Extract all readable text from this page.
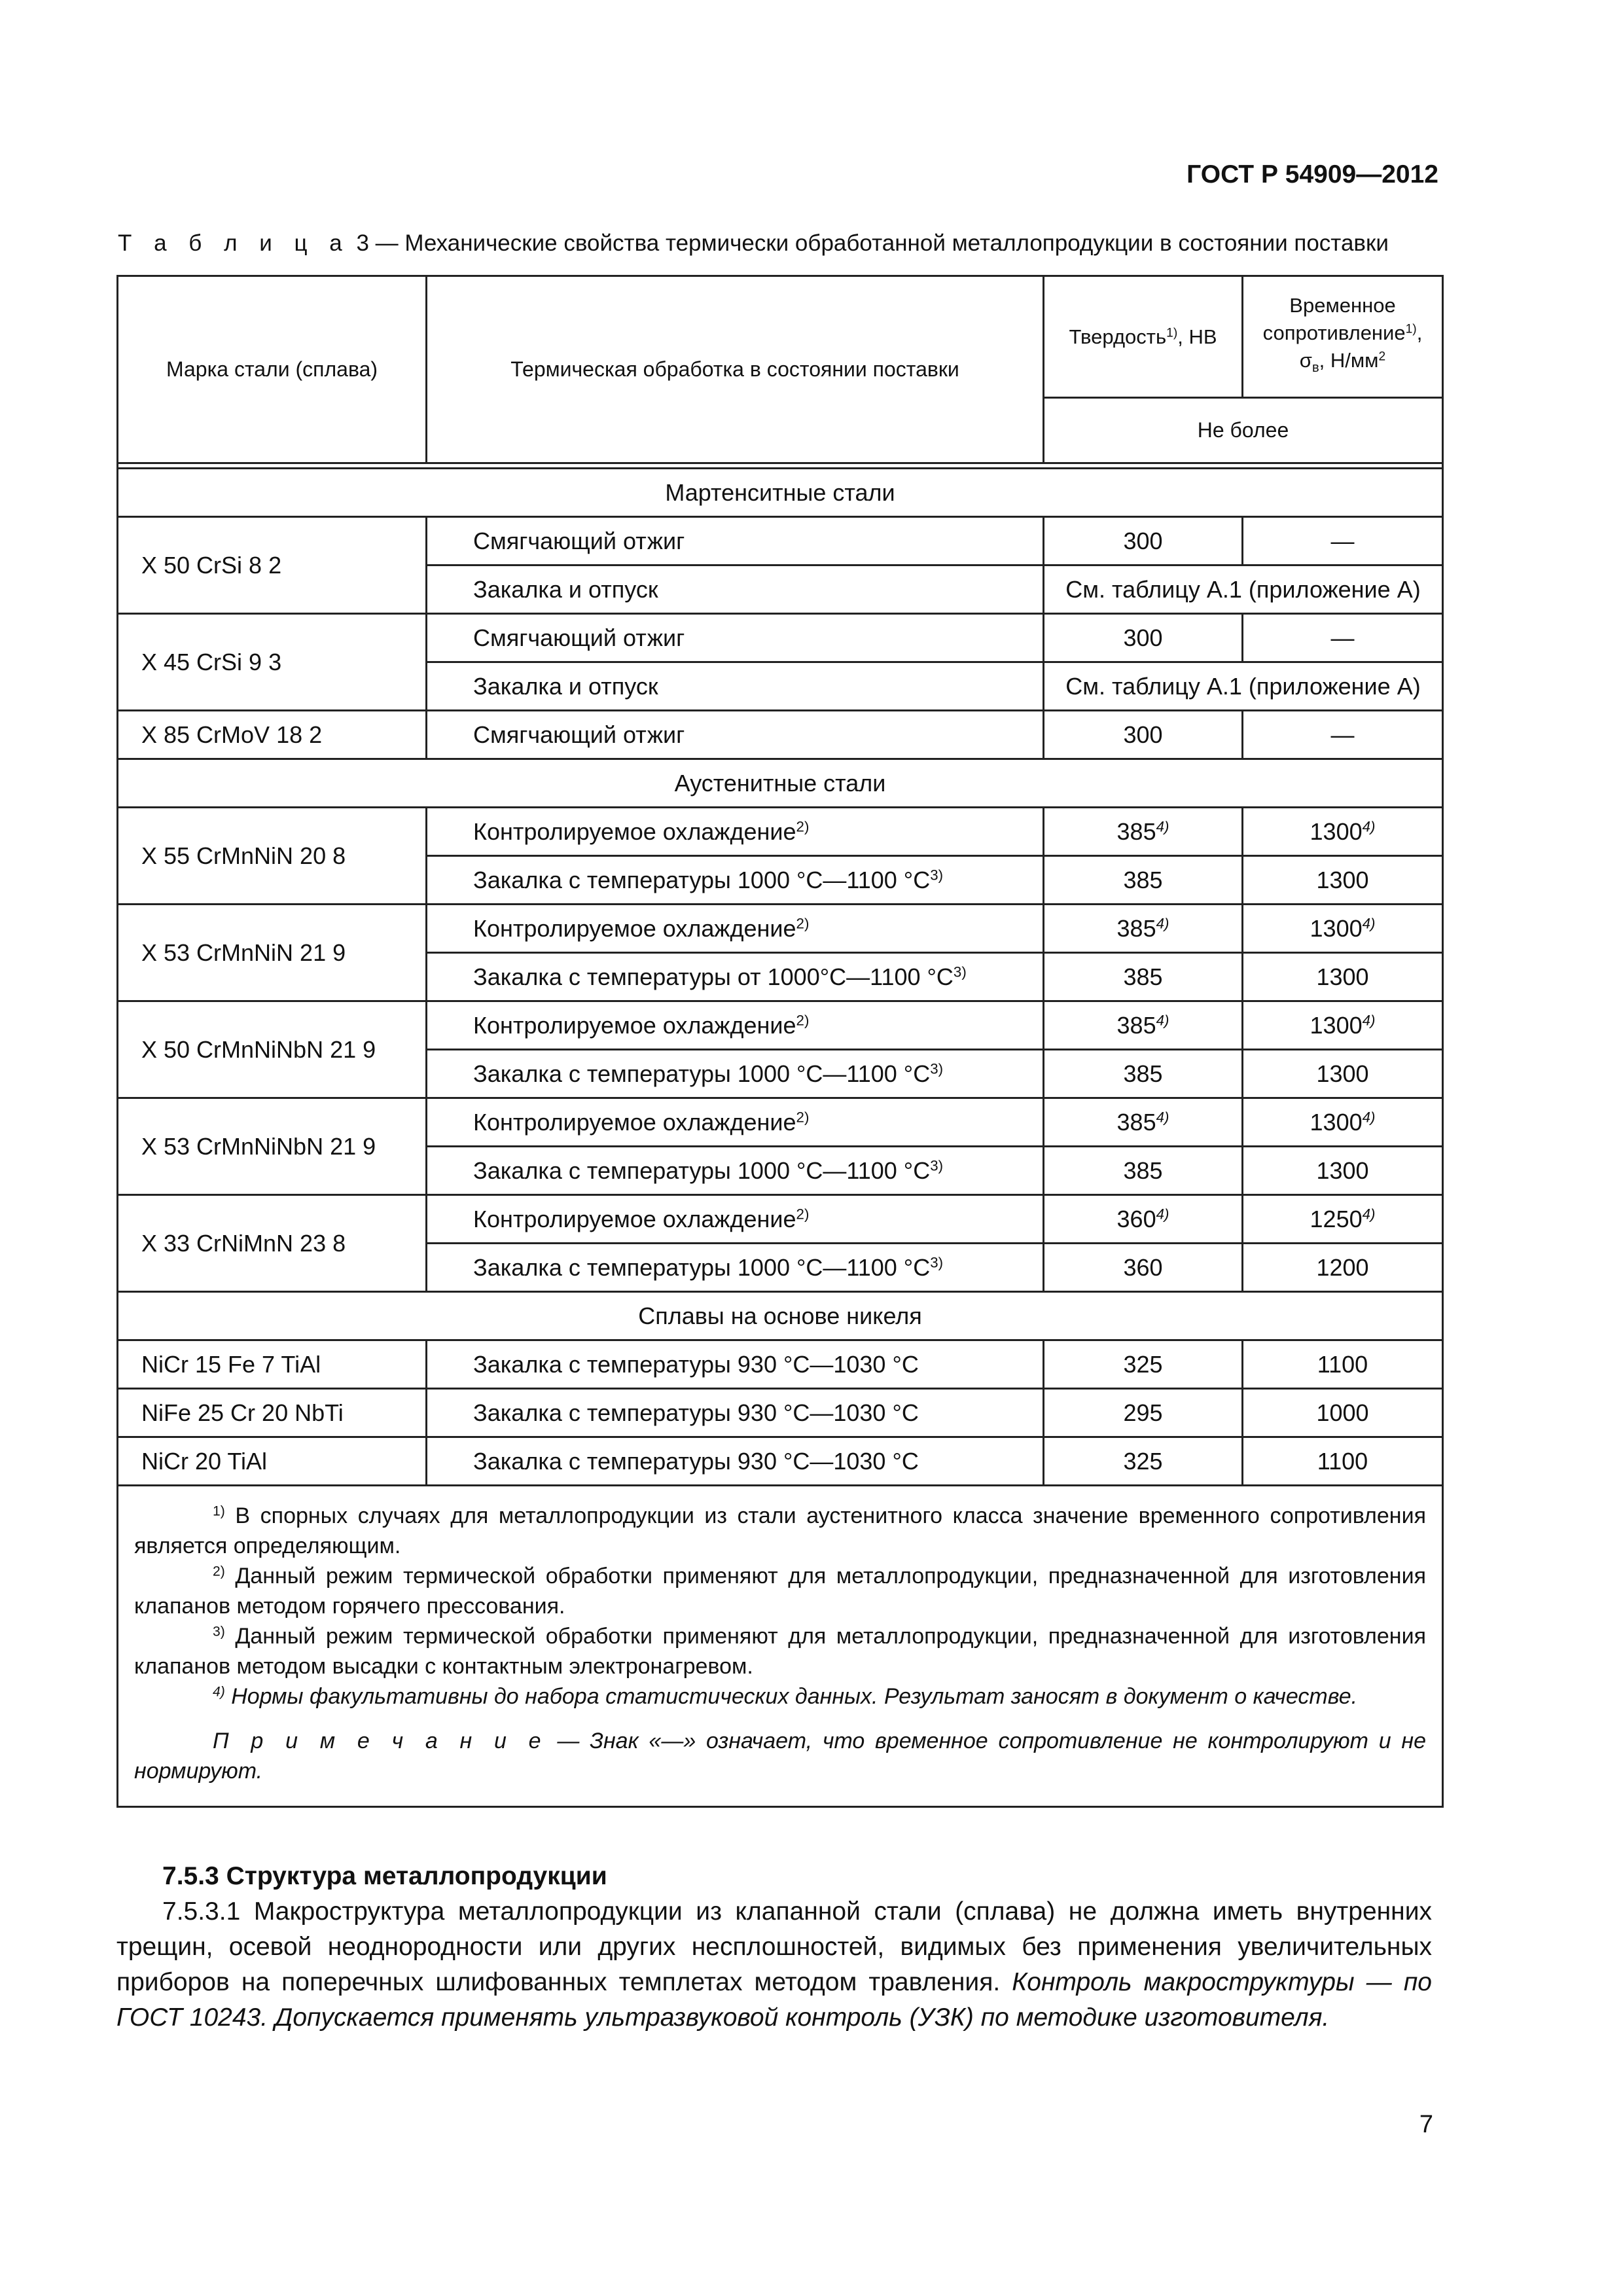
ГОСТ Р 54909—2012
Т а б л и ц а 3 — Механические свойства термически обработанной металлопродукции в состоянии поставки
Марка стали (сплава)	Термическая обработка в состоянии поставки	Твердость$^{1)}$, НВ	Временное
сопротивление$^{1)}$,
$\sigma_в$, $Н/мм^2$

		Не более	

Мартенситные стали			
X 50 CrSi 8 2	Смягчающий отжиг	300	—
	Закалка и отпуск	См. таблицу А.1 (приложение А)	
X 45 CrSi 9 3	Смягчающий отжиг	300	—
	Закалка и отпуск	См. таблицу А.1 (приложение А)	
X 85 CrMoV 18 2	Смягчающий отжиг	300	—
Аустенитные стали			
X 55 CrMnNiN 20 8	Контролируемое охлаждение$^{2)}$	385$^{4)}$	1300$^{4)}$
	Закалка с температуры 1000 °С—1100 $^\circ С^{3)}$	385	1300
X 53 CrMnNiN 21 9	Контролируемое охлаждение$^{2)}$	385$^{4)}$	1300$^{4)}$
	Закалка с температуры от 1000°С—1100 $^\circ С^{3)}$	385	1300
X 50 CrMnNiNbN 21 9	Контролируемое охлаждение$^{2)}$	385$^{4)}$	1300$^{4)}$
	Закалка с температуры 1000 °С—1100 $^\circ С^{3)}$	385	1300
X 53 CrMnNiNbN 21 9	Контролируемое охлаждение$^{2)}$	385$^{4)}$	1300$^{4)}$
	Закалка с температуры 1000 °С—1100 $^\circ С^{3)}$	385	1300
X 33 CrNiMnN 23 8	Контролируемое охлаждение$^{2)}$	360$^{4)}$	1250$^{4)}$
	Закалка с температуры 1000 °С—1100 $^\circ С^{3)}$	360	1200
Сплавы на основе никеля			
NiCr 15 Fe 7 TiAl	Закалка с температуры 930 °С—1030 °С	325	1100
NiFe 25 Cr 20 NbTi	Закалка с температуры 930 °С—1030 °С	295	1000
NiCr 20 TiAl	Закалка с температуры 930 °С—1030 °С	325	1100

$^{1)}$ В спорных случаях для металлопродукции из стали аустенитного класса значение временного сопротивления является определяющим.

$^{2)}$ Данный режим термической обработки применяют для металлопродукции, предназначенной для изготовления клапанов методом горячего прессования.

$^{3)}$ Данный режим термической обработки применяют для металлопродукции, предназначенной для изготовления клапанов методом высадки с контактным электронагревом.

$^{4)}$ Нормы факультативны до набора статистических данных. Результат заносят в документ о качестве.

П р и м е ч а н и е — Знак «—» означает, что временное сопротивление не контролируют и не нормируют.			

7.5.3 Структура металлопродукции

7.5.3.1 Макроструктура металлопродукции из клапанной стали (сплава) не должна иметь внутренних трещин, осевой неоднородности или других несплошностей, видимых без применения увеличительных приборов на поперечных шлифованных темплетах методом травления. Контроль макроструктуры — по ГОСТ 10243. Допускается применять ультразвуковой контроль (УЗК) по методике изготовителя.

7
